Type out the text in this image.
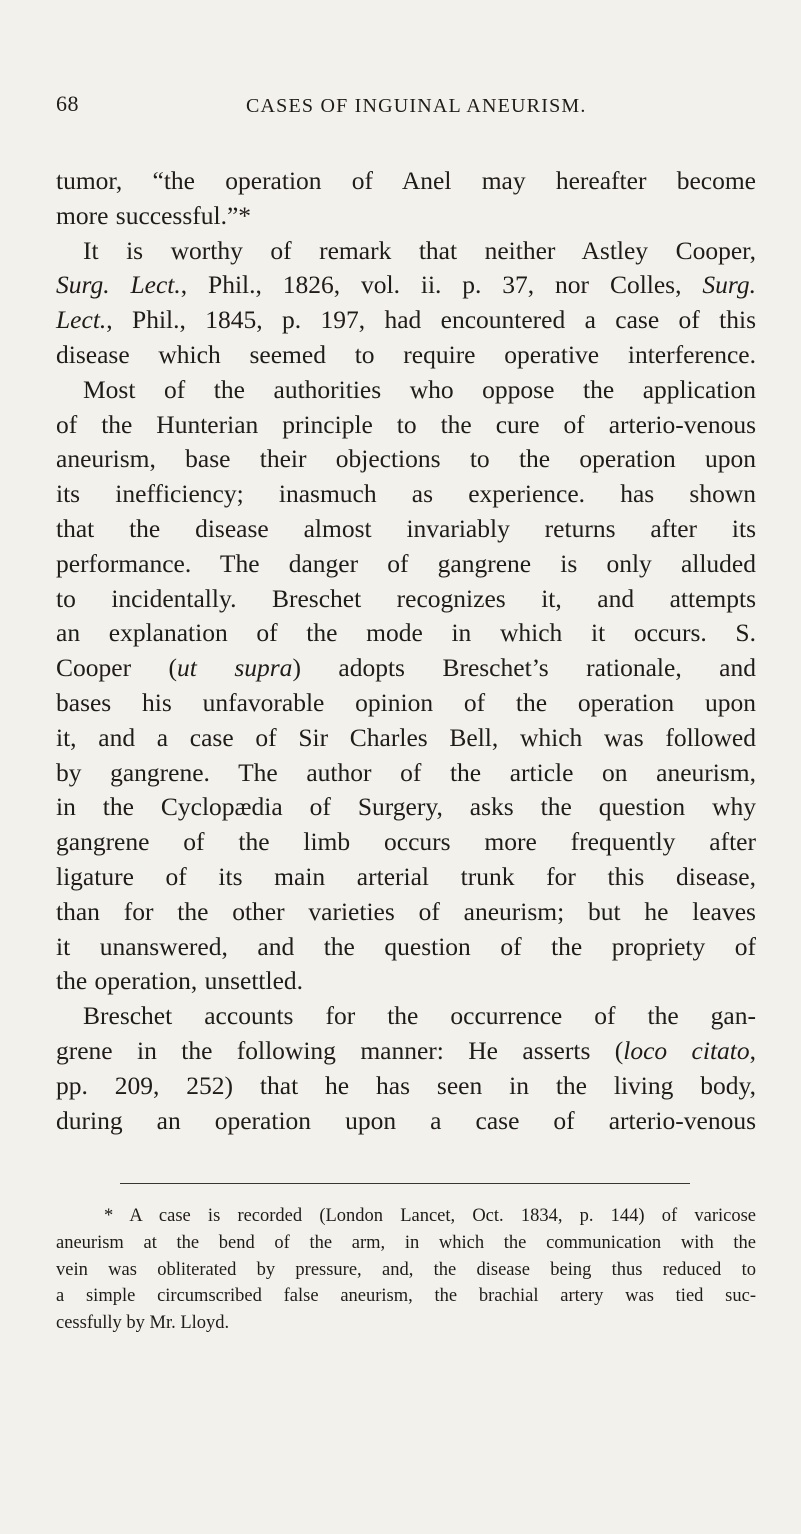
68	CASES OF INGUINAL ANEURISM.
tumor, “the operation of Anel may hereafter become
more successful.”*
It is worthy of remark that neither Astley Cooper,
Surg. Lect., Phil., 1826, vol. ii. p. 37, nor Colles, Surg.
Lect., Phil., 1845, p. 197, had encountered a case of this
disease which seemed to require operative interference.
Most of the authorities who oppose the application
of the Hunterian principle to the cure of arterio-venous
aneurism, base their objections to the operation upon
its inefficiency; inasmuch as experience. has shown
that the disease almost invariably returns after its
performance. The danger of gangrene is only alluded
to incidentally. Breschet recognizes it, and attempts
an explanation of the mode in which it occurs. S.
Cooper (ut supra) adopts Breschet’s rationale, and
bases his unfavorable opinion of the operation upon
it, and a case of Sir Charles Bell, which was followed
by gangrene. The author of the article on aneurism,
in the Cyclopædia of Surgery, asks the question why
gangrene of the limb occurs more frequently after
ligature of its main arterial trunk for this disease,
than for the other varieties of aneurism; but he leaves
it unanswered, and the question of the propriety of
the operation, unsettled.
Breschet accounts for the occurrence of the gan-
grene in the following manner: He asserts (loco citato,
pp. 209, 252) that he has seen in the living body,
during an operation upon a case of arterio-venous
* A case is recorded (London Lancet, Oct. 1834, p. 144) of varicose
aneurism at the bend of the arm, in which the communication with the
vein was obliterated by pressure, and, the disease being thus reduced to
a simple circumscribed false aneurism, the brachial artery was tied suc-
cessfully by Mr. Lloyd.
